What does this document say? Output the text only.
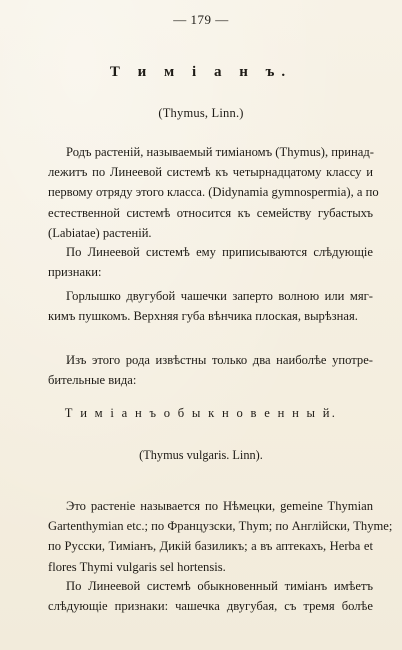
— 179 —

Т и м і а н ъ.

(Thymus, Linn.)

Родъ растеній, называемый тиміаномъ (Thymus), принад-
лежитъ по Линеевой системѣ къ четырнадцатому классу и
первому отряду этого класса. (Didynamia gymnospermia), а по
естественной системѣ относится къ семейству губастыхъ
(Labiatae) растеній.

По Линеевой системѣ ему приписываются слѣдующіе
признаки:

Горлышко двугубой чашечки заперто волною или мяг-
кимъ пушкомъ. Верхняя губа вѣнчика плоская, вырѣзная.

Изъ этого рода извѣстны только два наиболѣе употре-
бительные вида:

Т и м і а н ъ о б ы к н о в е н н ы й.

(Thymus vulgaris. Linn).

Это растеніе называется по Нѣмецки, gemeine Thymian
Gartenthymian etc.; по Французски, Thym; по Англійски, Thyme;
по Русски, Тиміанъ, Дикій базиликъ; а въ аптекахъ, Herba et
flores Thymi vulgaris sel hortensis.

По Линеевой системѣ обыкновенный тиміанъ имѣетъ
слѣдующіе признаки: чашечка двугубая, съ тремя болѣе
